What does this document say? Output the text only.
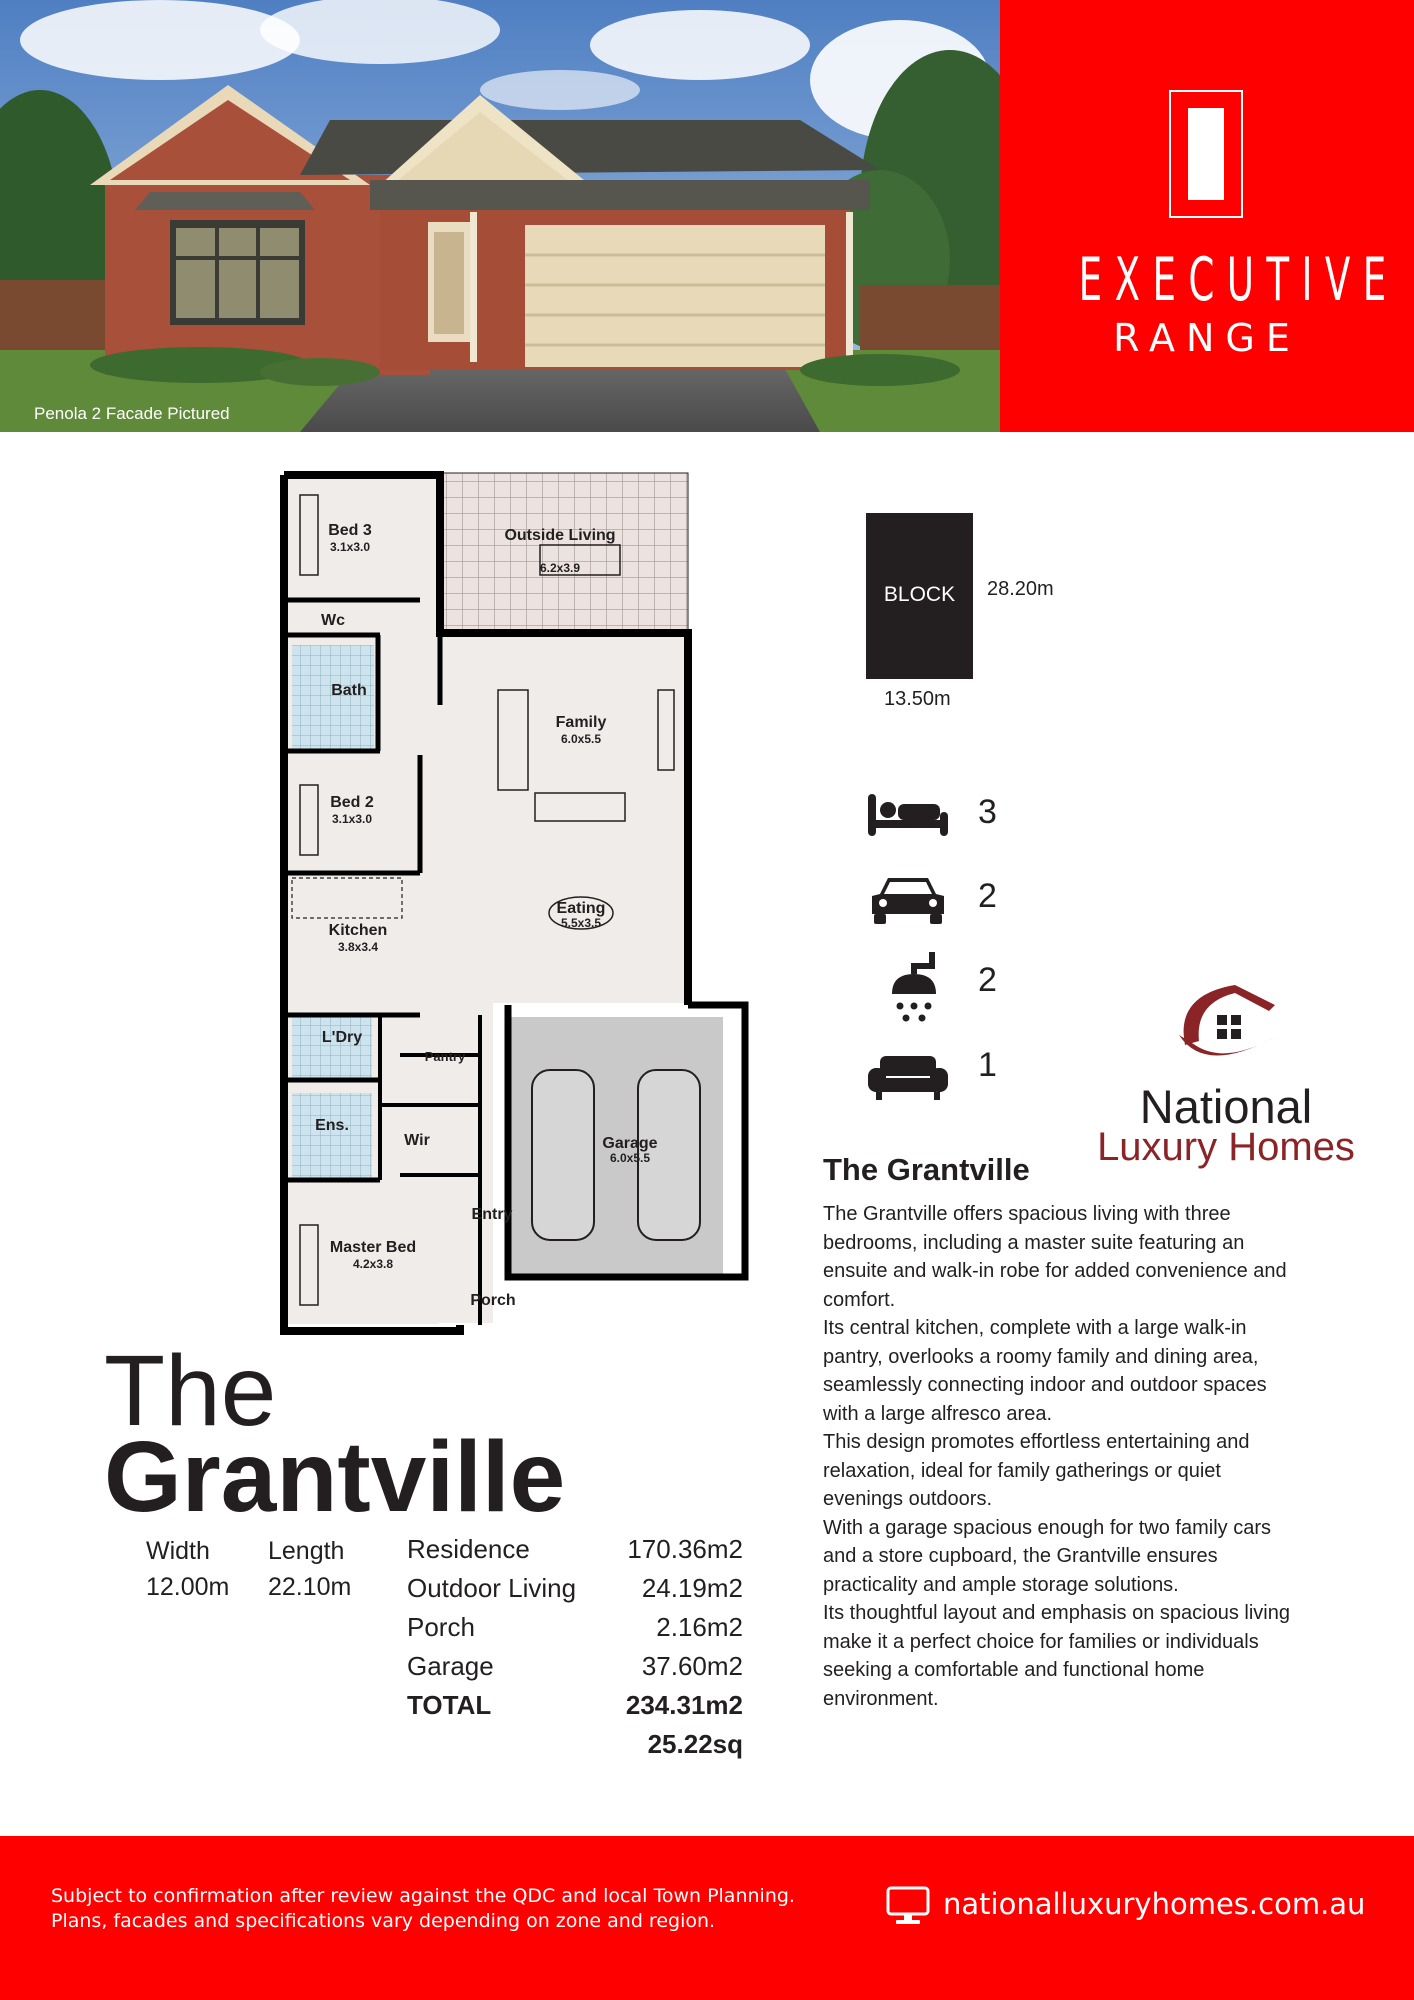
Penola 2 Facade Pictured
EXECUTIVE
RANGE
Bed 3
3.1x3.0
Outside Living
6.2x3.9
Wc
Bath
Family
6.0x5.5
Bed 2
3.1x3.0
Kitchen
3.8x3.4
Eating
5.5x3.5
L'Dry
Pantry
Ens.
Wir	Garage
6.0x5.5
Entry
Master Bed
4.2x3.8
Porch
BLOCK	28.20m
13.50m
3
2
2
1
National
Luxury Homes
The Grantville

The Grantville offers spacious living with three bedrooms, including a master suite featuring an ensuite and walk-in robe for added convenience and comfort.

Its central kitchen, complete with a large walk-in pantry, overlooks a roomy family and dining area, seamlessly connecting indoor and outdoor spaces with a large alfresco area.

This design promotes effortless entertaining and relaxation, ideal for family gatherings or quiet evenings outdoors.

With a garage spacious enough for two family cars and a store cupboard, the Grantville ensures practicality and ample storage solutions.

Its thoughtful layout and emphasis on spacious living make it a perfect choice for families or individuals seeking a comfortable and functional home environment.

The
Grantville
Width
12.00m
Length
22.10m
Residence	170.36m2
Outdoor Living	24.19m2
Porch	2.16m2
Garage	37.60m2
TOTAL	234.31m2
25.22sq
Subject to confirmation after review against the QDC and local Town Planning.
Plans, facades and specifications vary depending on zone and region.	nationalluxuryhomes.com.au
